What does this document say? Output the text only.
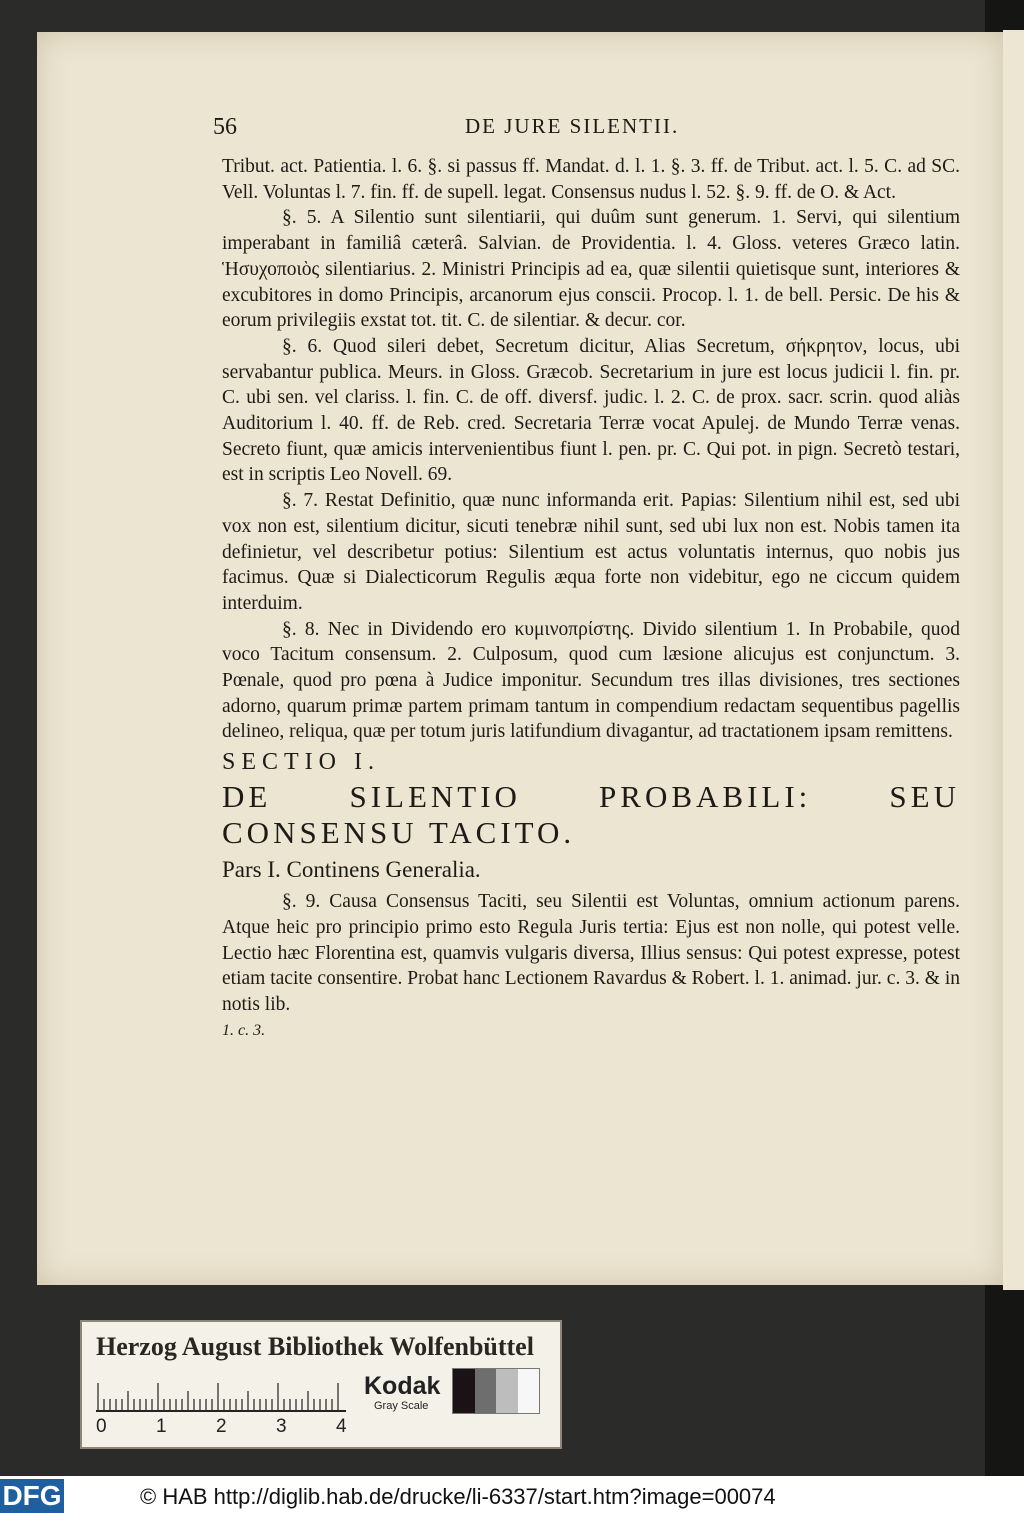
56	DE JURE SILENTII.

Tribut. act. Patientia. l. 6. §. si passus ff. Mandat. d. l. 1. §. 3. ff. de Tribut. act. l. 5. C. ad SC. Vell. Voluntas l. 7. fin. ff. de supell. legat. Consensus nudus l. 52. §. 9. ff. de O. & Act.

§. 5. A Silentio sunt silentiarii, qui duûm sunt generum. 1. Servi, qui silentium imperabant in familiâ cæterâ. Salvian. de Providentia. l. 4. Gloss. veteres Græco latin. Ἡσυχοποιὸς silentiarius. 2. Ministri Principis ad ea, quæ silentii quietisque sunt, interiores & excubitores in domo Principis, arcanorum ejus conscii. Procop. l. 1. de bell. Persic. De his & eorum privilegiis exstat tot. tit. C. de silentiar. & decur. cor.

§. 6. Quod sileri debet, Secretum dicitur, Alias Secretum, σήκρητον, locus, ubi servabantur publica. Meurs. in Gloss. Græcob. Secretarium in jure est locus judicii l. fin. pr. C. ubi sen. vel clariss. l. fin. C. de off. diversf. judic. l. 2. C. de prox. sacr. scrin. quod aliàs Auditorium l. 40. ff. de Reb. cred. Secretaria Terræ vocat Apulej. de Mundo Terræ venas. Secreto fiunt, quæ amicis intervenientibus fiunt l. pen. pr. C. Qui pot. in pign. Secretò testari, est in scriptis Leo Novell. 69.

§. 7. Restat Definitio, quæ nunc informanda erit. Papias: Silentium nihil est, sed ubi vox non est, silentium dicitur, sicuti tenebræ nihil sunt, sed ubi lux non est. Nobis tamen ita definietur, vel describetur potius: Silentium est actus voluntatis internus, quo nobis jus facimus. Quæ si Dialecticorum Regulis æqua forte non videbitur, ego ne ciccum quidem interduim.

§. 8. Nec in Dividendo ero κυμινοπρίστης. Divido silentium 1. In Probabile, quod voco Tacitum consensum. 2. Culposum, quod cum læsione alicujus est conjunctum. 3. Pœnale, quod pro pœna à Judice imponitur. Secundum tres illas divisiones, tres sectiones adorno, quarum primæ partem primam tantum in compendium redactam sequentibus pagellis delineo, reliqua, quæ per totum juris latifundium divagantur, ad tractationem ipsam remittens.

SECTIO I.

DE SILENTIO PROBABILI: SEU CONSENSU TACITO.

Pars I. Continens Generalia.

§. 9. Causa Consensus Taciti, seu Silentii est Voluntas, omnium actionum parens. Atque heic pro principio primo esto Regula Juris tertia: Ejus est non nolle, qui potest velle. Lectio hæc Florentina est, quamvis vulgaris diversa, Illius sensus: Qui potest expresse, potest etiam tacite consentire. Probat hanc Lectionem Ravardus & Robert. l. 1. animad. jur. c. 3. & in notis lib.

1. c. 3.

Herzog August Bibliothek Wolfenbüttel
0	1	2	3	4
Kodak
Gray Scale
DFG	© HAB http://diglib.hab.de/drucke/li-6337/start.htm?image=00074
